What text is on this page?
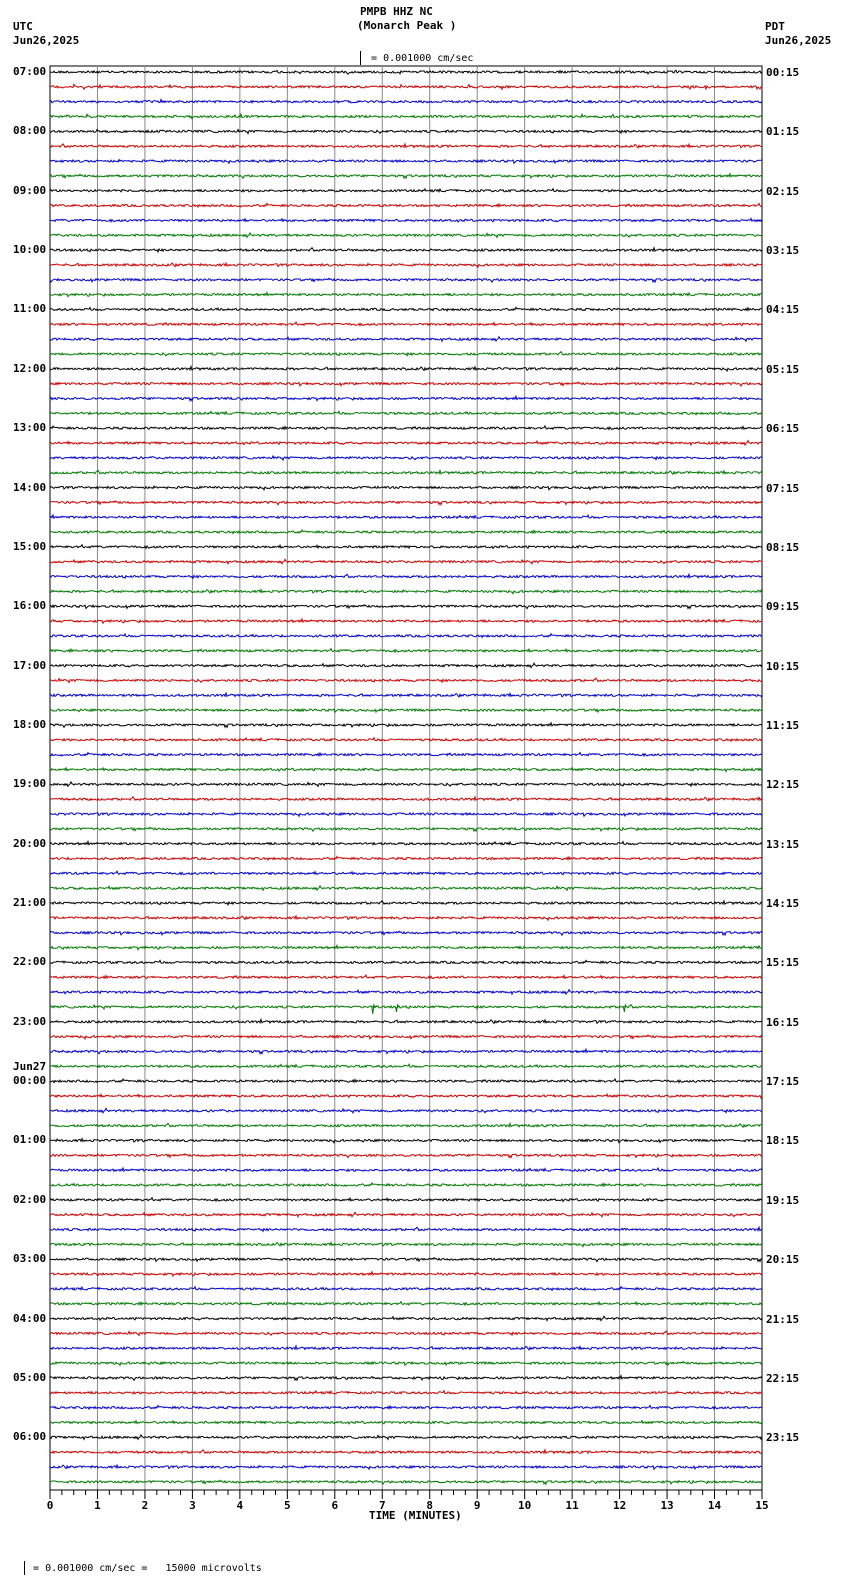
0	1	2	3	4	5	6	7	8	9	10	11	12	13	14	15
PMPB HHZ NC
(Monarch Peak )

= 0.001000 cm/sec

UTC
Jun26,2025
PDT
Jun26,2025
07:00
08:00
09:00
10:00
11:00
12:00
13:00
14:00
15:00
16:00
17:00
18:00
19:00
20:00
21:00
22:00
23:00
00:00
Jun27
01:00
02:00
03:00
04:00
05:00
06:00
00:15
01:15
02:15
03:15
04:15
05:15
06:15
07:15
08:15
09:15
10:15
11:15
12:15
13:15
14:15
15:15
16:15
17:15
18:15
19:15
20:15
21:15
22:15
23:15
TIME (MINUTES)

= 0.001000 cm/sec =   15000 microvolts
